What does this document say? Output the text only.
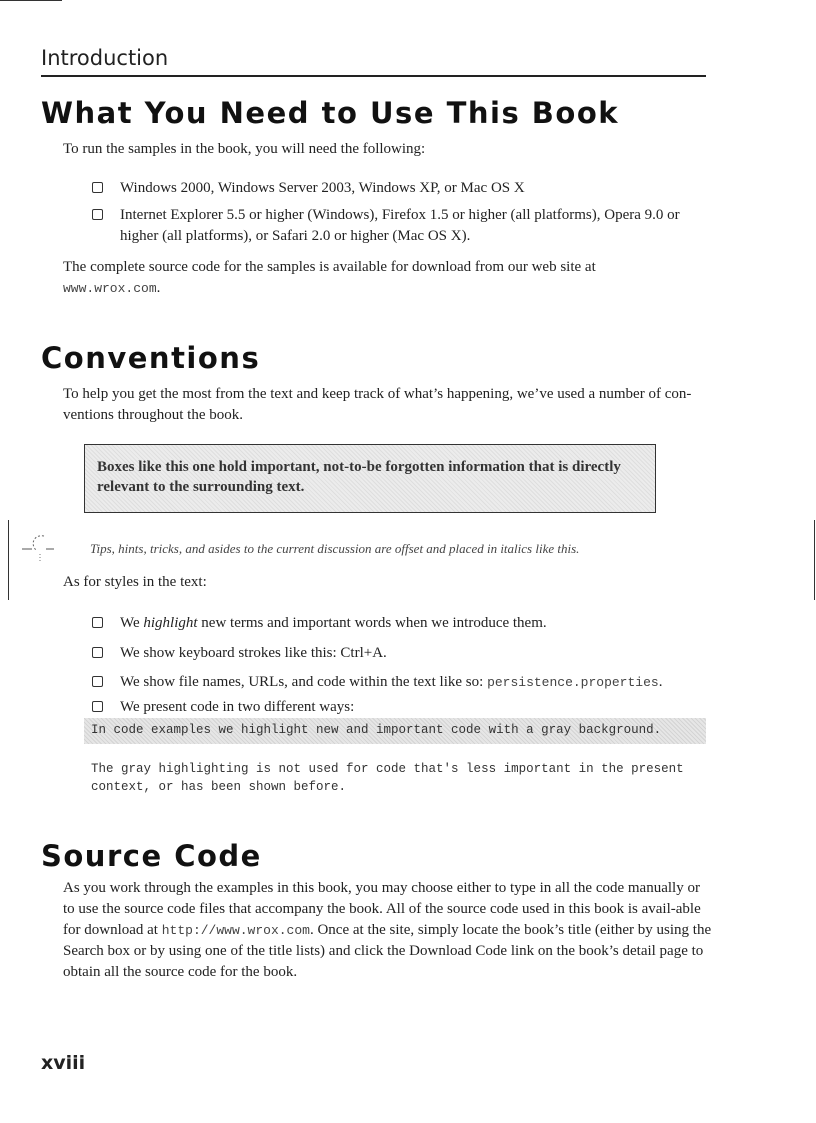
Introduction
What You Need to Use This Book

To run the samples in the book, you will need the following:

Windows 2000, Windows Server 2003, Windows XP, or Mac OS X
Internet Explorer 5.5 or higher (Windows), Firefox 1.5 or higher (all platforms), Opera 9.0 or higher (all platforms), or Safari 2.0 or higher (Mac OS X).

The complete source code for the samples is available for download from our web site at
www.wrox.com.

Conventions

To help you get the most from the text and keep track of what’s happening, we’ve used a number of con-ventions throughout the book.

Boxes like this one hold important, not-to-be forgotten information that is directly relevant to the surrounding text.

Tips, hints, tricks, and asides to the current discussion are offset and placed in italics like this.

As for styles in the text:

We highlight new terms and important words when we introduce them.
We show keyboard strokes like this: Ctrl+A.
We show file names, URLs, and code within the text like so: persistence.properties.
We present code in two different ways:
In code examples we highlight new and important code with a gray background.
The gray highlighting is not used for code that's less important in the present
context, or has been shown before.
Source Code

As you work through the examples in this book, you may choose either to type in all the code manually or to use the source code files that accompany the book. All of the source code used in this book is avail-able for download at http://www.wrox.com. Once at the site, simply locate the book’s title (either by using the Search box or by using one of the title lists) and click the Download Code link on the book’s detail page to obtain all the source code for the book.

xviii
